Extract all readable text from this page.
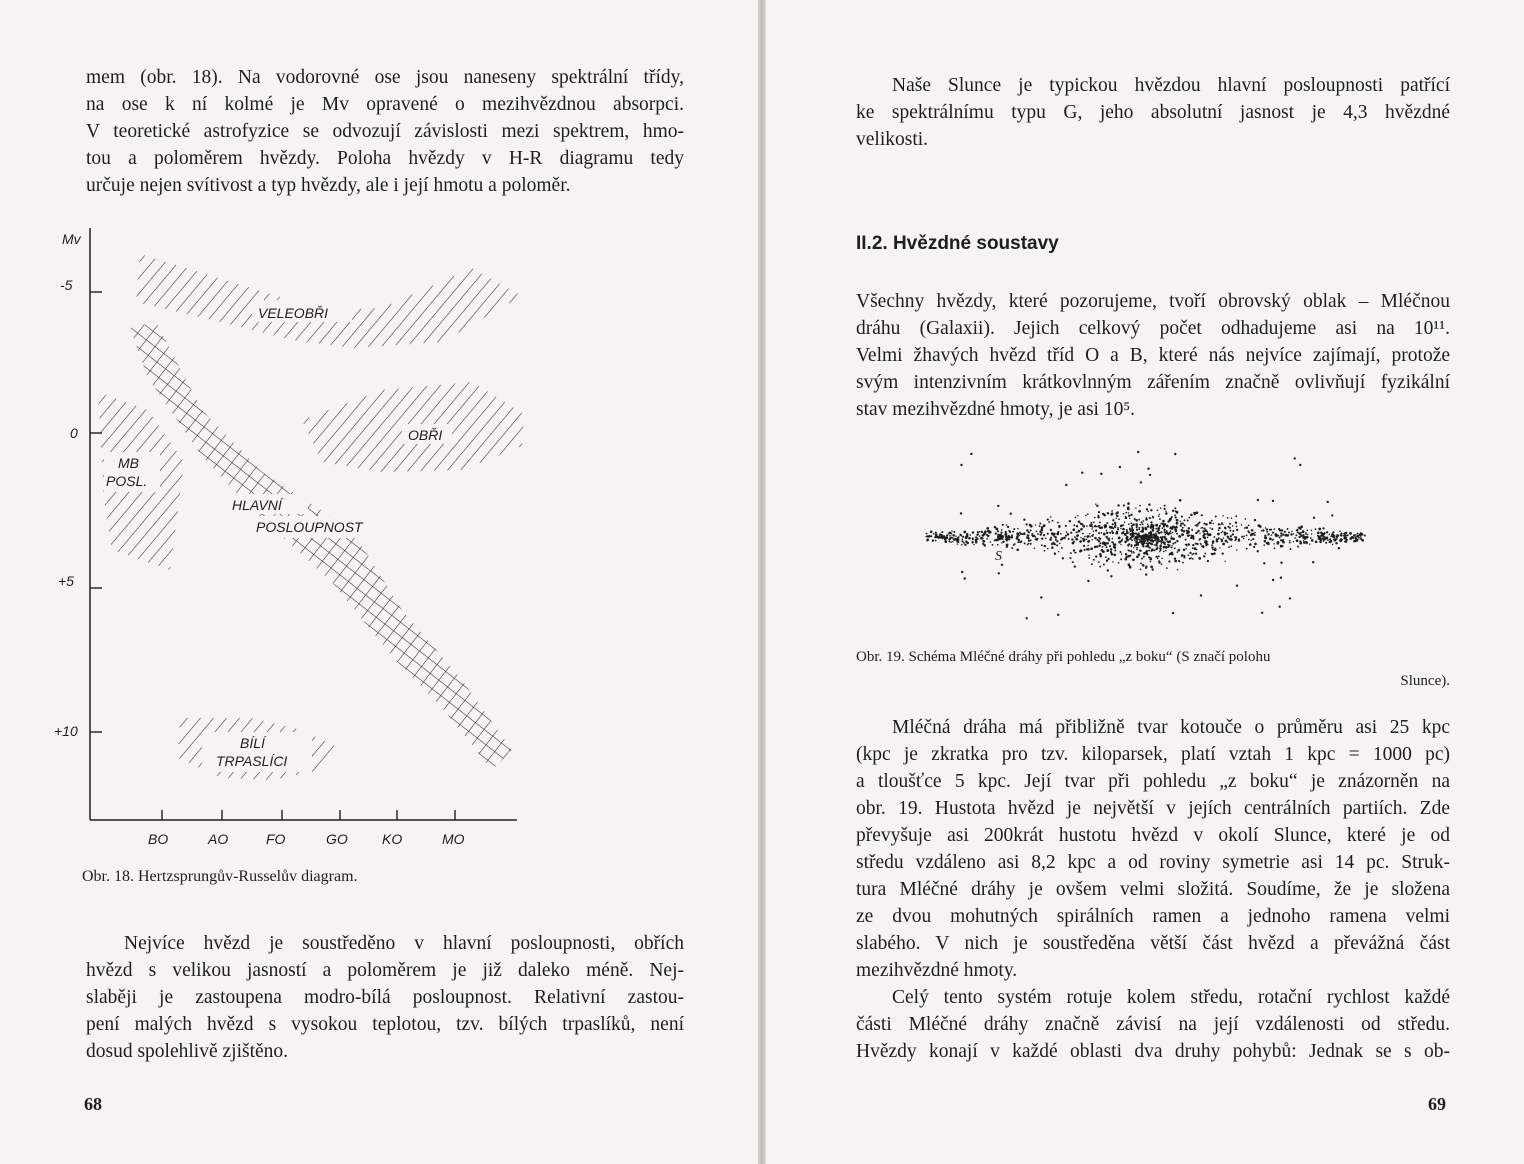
mem (obr. 18). Na vodorovné ose jsou naneseny spektrální třídy,
na ose k ní kolmé je Mv opravené o mezihvězdnou absorpci.
V teoretické astrofyzice se odvozují závislosti mezi spektrem, hmo-
tou a poloměrem hvězdy. Poloha hvězdy v H-R diagramu tedy
určuje nejen svítivost a typ hvězdy, ale i její hmotu a poloměr.

Mv
-5
0
+5
+10
BO	AO	FO	GO KO	MO
VELEOBŘI
OBŘI
MB
POSL.
HLAVNÍ
POSLOUPNOST
BÍLÍ
TRPASLÍCI
Obr. 18. Hertzsprungův-Russelův diagram.

Nejvíce hvězd je soustředěno v hlavní posloupnosti, obřích
hvězd s velikou jasností a poloměrem je již daleko méně. Nej-
slaběji je zastoupena modro-bílá posloupnost. Relativní zastou-
pení malých hvězd s vysokou teplotou, tzv. bílých trpaslíků, není
dosud spolehlivě zjištěno.

68

Naše Slunce je typickou hvězdou hlavní posloupnosti patřící
ke spektrálnímu typu G, jeho absolutní jasnost je 4,3 hvězdné
velikosti.

II.2. Hvězdné soustavy

Všechny hvězdy, které pozorujeme, tvoří obrovský oblak – Mléčnou
dráhu (Galaxii). Jejich celkový počet odhadujeme asi na 10¹¹.
Velmi žhavých hvězd tříd O a B, které nás nejvíce zajímají, protože
svým intenzivním krátkovlnným zářením značně ovlivňují fyzikální
stav mezihvězdné hmoty, je asi 10⁵.

S
Obr. 19. Schéma Mléčné dráhy při pohledu „z boku“ (S značí polohu
Slunce).

Mléčná dráha má přibližně tvar kotouče o průměru asi 25 kpc
(kpc je zkratka pro tzv. kiloparsek, platí vztah 1 kpc = 1000 pc)
a tloušťce 5 kpc. Její tvar při pohledu „z boku“ je znázorněn na
obr. 19. Hustota hvězd je největší v jejích centrálních partiích. Zde
převyšuje asi 200krát hustotu hvězd v okolí Slunce, které je od
středu vzdáleno asi 8,2 kpc a od roviny symetrie asi 14 pc. Struk-
tura Mléčné dráhy je ovšem velmi složitá. Soudíme, že je složena
ze dvou mohutných spirálních ramen a jednoho ramena velmi
slabého. V nich je soustředěna větší část hvězd a převážná část
mezihvězdné hmoty.
Celý tento systém rotuje kolem středu, rotační rychlost každé
části Mléčné dráhy značně závisí na její vzdálenosti od středu.
Hvězdy konají v každé oblasti dva druhy pohybů: Jednak se s ob-

69
